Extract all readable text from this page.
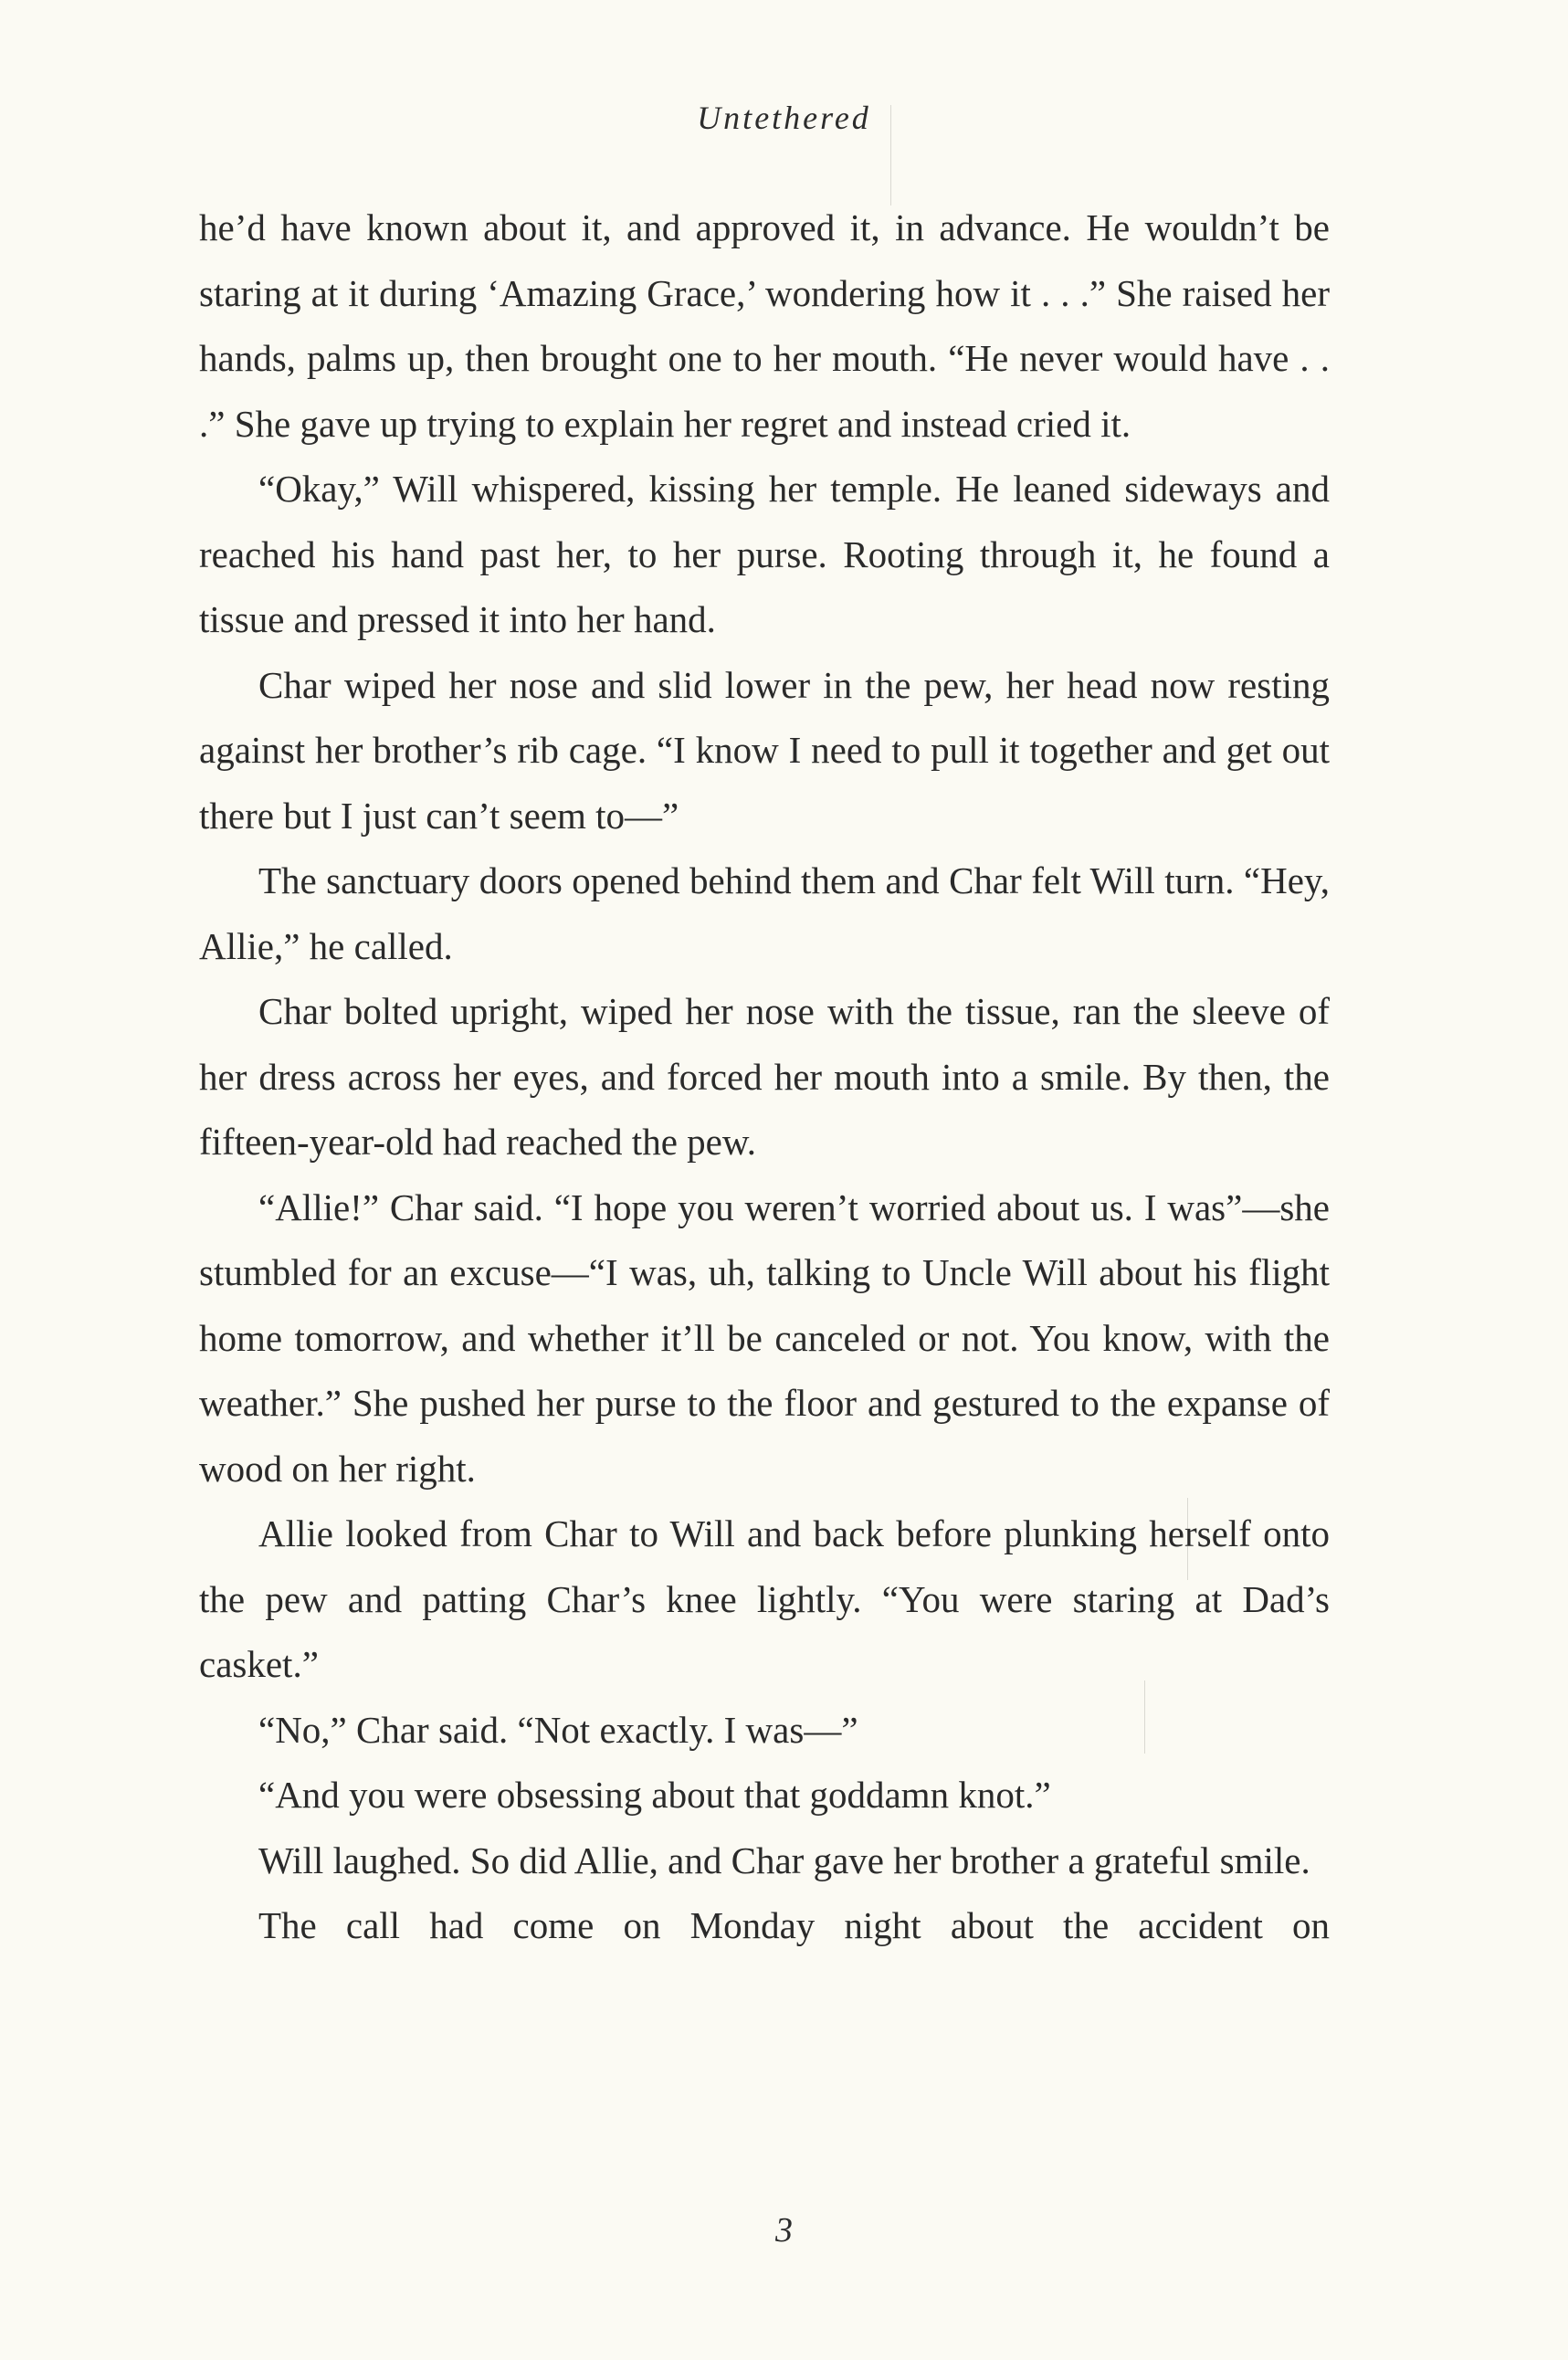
Untethered

he’d have known about it, and approved it, in advance. He wouldn’t be staring at it during ‘Amazing Grace,’ wondering how it . . .” She raised her hands, palms up, then brought one to her mouth. “He never would have . . .” She gave up trying to explain her regret and instead cried it.

“Okay,” Will whispered, kissing her temple. He leaned sideways and reached his hand past her, to her purse. Rooting through it, he found a tissue and pressed it into her hand.

Char wiped her nose and slid lower in the pew, her head now resting against her brother’s rib cage. “I know I need to pull it together and get out there but I just can’t seem to—”

The sanctuary doors opened behind them and Char felt Will turn. “Hey, Allie,” he called.

Char bolted upright, wiped her nose with the tissue, ran the sleeve of her dress across her eyes, and forced her mouth into a smile. By then, the fifteen-year-old had reached the pew.

“Allie!” Char said. “I hope you weren’t worried about us. I was”—she stumbled for an excuse—“I was, uh, talking to Uncle Will about his flight home tomorrow, and whether it’ll be canceled or not. You know, with the weather.” She pushed her purse to the floor and gestured to the expanse of wood on her right.

Allie looked from Char to Will and back before plunking herself onto the pew and patting Char’s knee lightly. “You were staring at Dad’s casket.”

“No,” Char said. “Not exactly. I was—”

“And you were obsessing about that goddamn knot.”

Will laughed. So did Allie, and Char gave her brother a grateful smile.

The call had come on Monday night about the accident on

3
